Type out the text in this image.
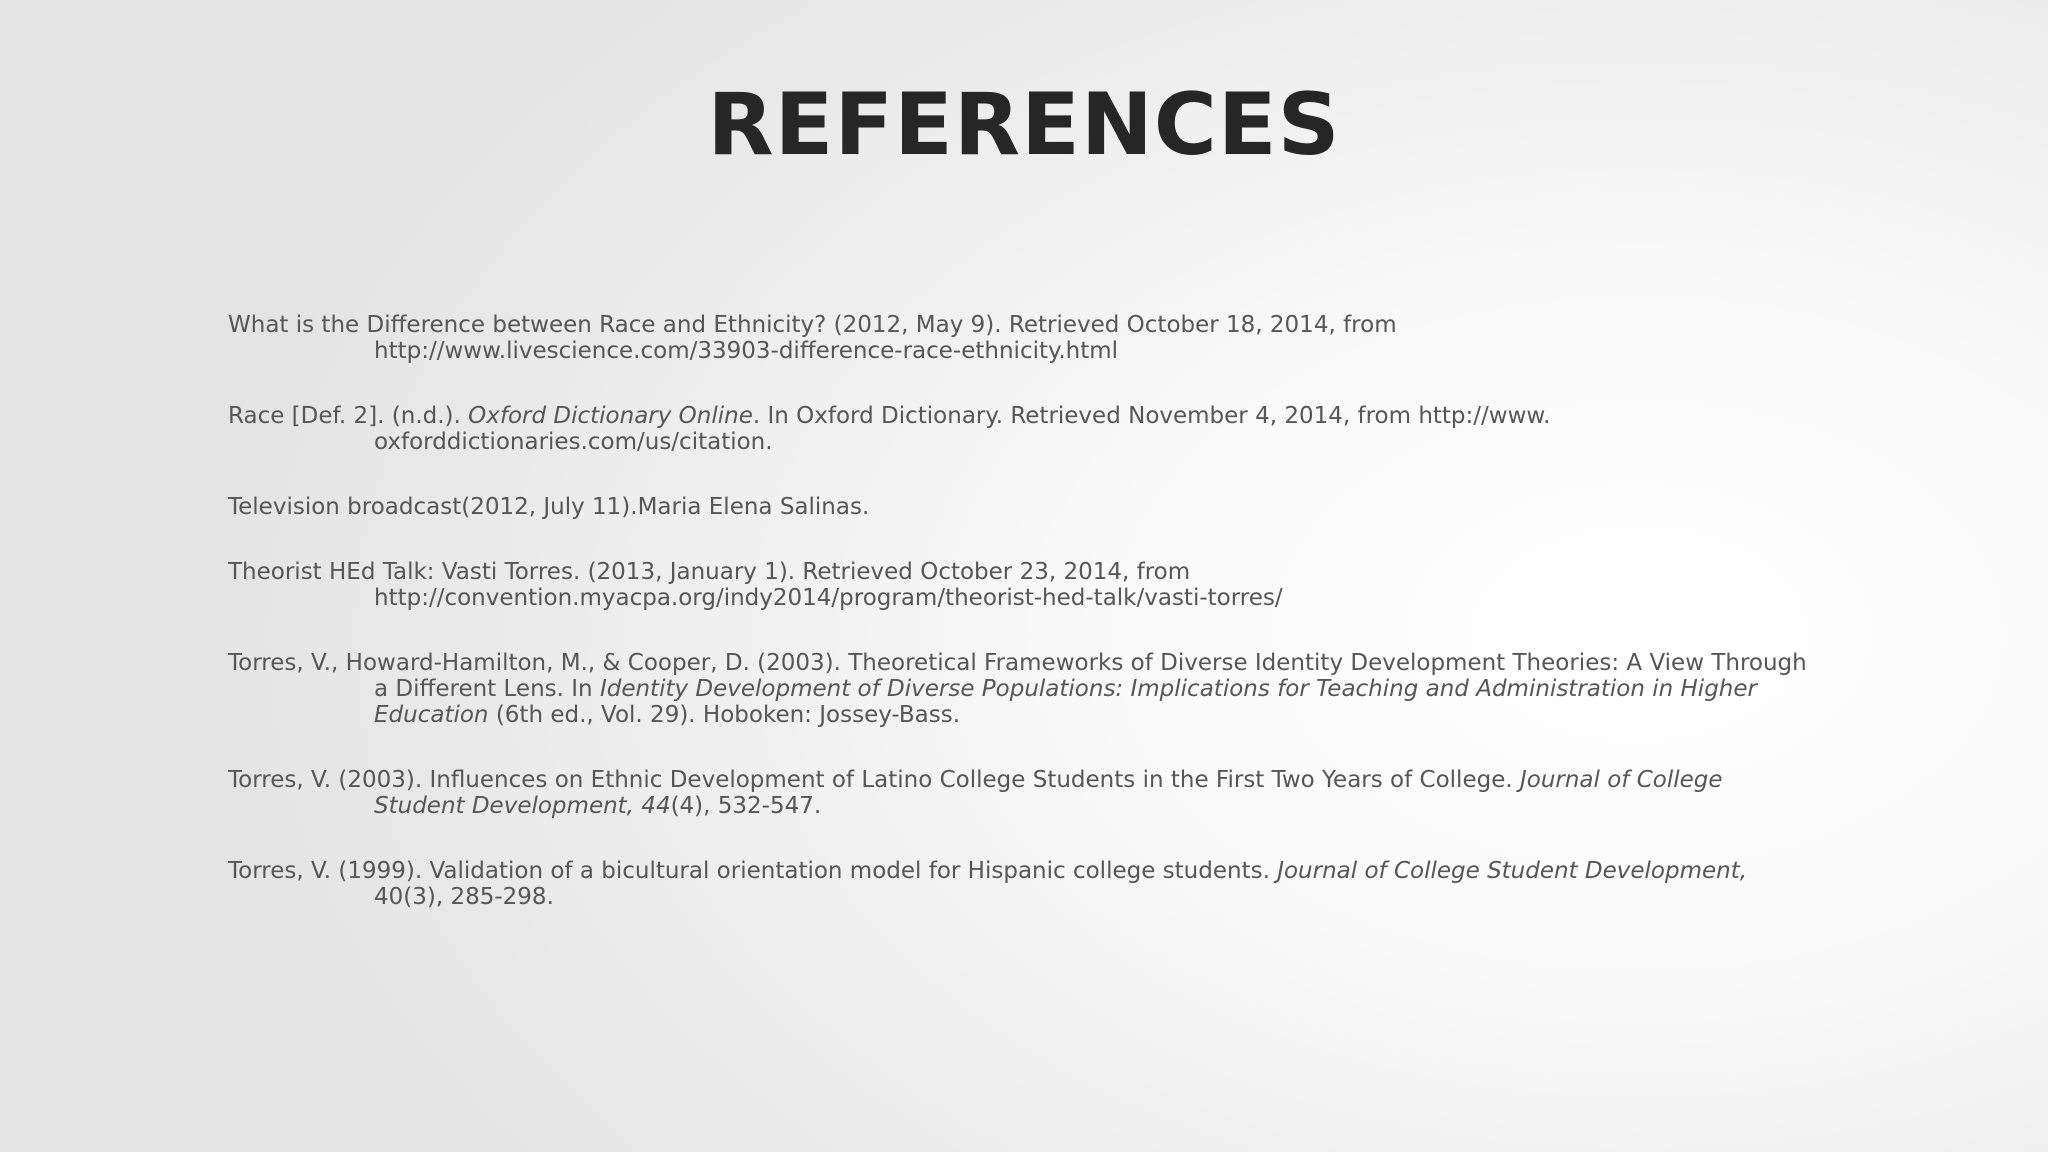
REFERENCES
What is the Difference between Race and Ethnicity? (2012, May 9). Retrieved October 18, 2014, from
http://www.livescience.com/33903-difference-race-ethnicity.html
Race [Def. 2]. (n.d.). Oxford Dictionary Online. In Oxford Dictionary. Retrieved November 4, 2014, from http://www.
oxforddictionaries.com/us/citation.
Television broadcast(2012, July 11).Maria Elena Salinas.
Theorist HEd Talk: Vasti Torres. (2013, January 1). Retrieved October 23, 2014, from
http://convention.myacpa.org/indy2014/program/theorist-hed-talk/vasti-torres/
Torres, V., Howard-Hamilton, M., & Cooper, D. (2003). Theoretical Frameworks of Diverse Identity Development Theories: A View Through
a Different Lens. In Identity Development of Diverse Populations: Implications for Teaching and Administration in Higher
Education (6th ed., Vol. 29). Hoboken: Jossey-Bass.
Torres, V. (2003). Influences on Ethnic Development of Latino College Students in the First Two Years of College. Journal of College
Student Development, 44(4), 532-547.
Torres, V. (1999). Validation of a bicultural orientation model for Hispanic college students. Journal of College Student Development,
40(3), 285-298.
